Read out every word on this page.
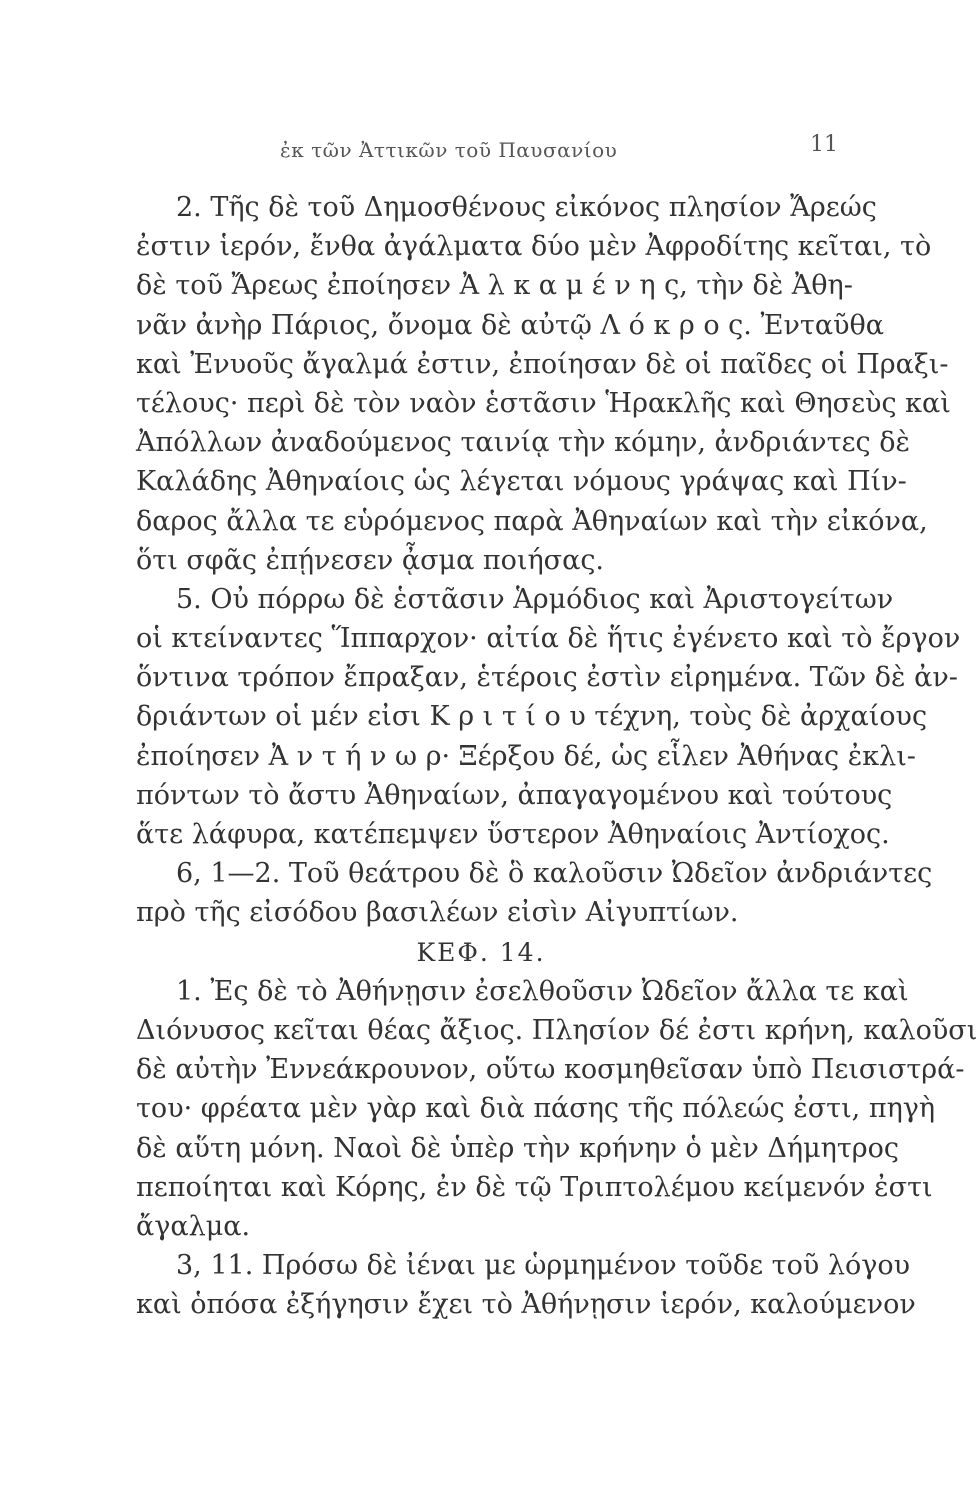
ἐκ τῶν Ἀττικῶν τοῦ Παυσανίου	11
2. Τῆς δὲ τοῦ Δημοσθένους εἰκόνος πλησίον Ἄρεώς
ἐστιν ἱερόν, ἔνθα ἀγάλματα δύο μὲν Ἀφροδίτης κεῖται, τὸ
δὲ τοῦ Ἄρεως ἐποίησεν Ἀ λ κ α μ έ ν η ς, τὴν δὲ Ἀθη-
νᾶν ἀνὴρ Πάριος, ὄνομα δὲ αὐτῷ Λ ό κ ρ ο ς. Ἐνταῦθα
καὶ Ἐνυοῦς ἄγαλμά ἐστιν, ἐποίησαν δὲ οἱ παῖδες οἱ Πραξι-
τέλους· περὶ δὲ τὸν ναὸν ἑστᾶσιν Ἡρακλῆς καὶ Θησεὺς καὶ
Ἀπόλλων ἀναδούμενος ταινίᾳ τὴν κόμην, ἀνδριάντες δὲ
Καλάδης Ἀθηναίοις ὡς λέγεται νόμους γράψας καὶ Πίν-
δαρος ἄλλα τε εὑρόμενος παρὰ Ἀθηναίων καὶ τὴν εἰκόνα,
ὅτι σφᾶς ἐπῄνεσεν ᾆσμα ποιήσας.
5. Οὐ πόρρω δὲ ἑστᾶσιν Ἁρμόδιος καὶ Ἀριστογείτων
οἱ κτείναντες Ἵππαρχον· αἰτία δὲ ἥτις ἐγένετο καὶ τὸ ἔργον
ὅντινα τρόπον ἔπραξαν, ἑτέροις ἐστὶν εἰρημένα. Τῶν δὲ ἀν-
δριάντων οἱ μέν εἰσι Κ ρ ι τ ί ο υ τέχνη, τοὺς δὲ ἀρχαίους
ἐποίησεν Ἀ ν τ ή ν ω ρ· Ξέρξου δέ, ὡς εἷλεν Ἀθήνας ἐκλι-
πόντων τὸ ἄστυ Ἀθηναίων, ἀπαγαγομένου καὶ τούτους
ἅτε λάφυρα, κατέπεμψεν ὕστερον Ἀθηναίοις Ἀντίοχος.
6, 1—2. Τοῦ θεάτρου δὲ ὃ καλοῦσιν Ὠδεῖον ἀνδριάντες
πρὸ τῆς εἰσόδου βασιλέων εἰσὶν Αἰγυπτίων.
ΚΕΦ. 14.
1. Ἐς δὲ τὸ Ἀθήνῃσιν ἐσελθοῦσιν Ὠδεῖον ἄλλα τε καὶ
Διόνυσος κεῖται θέας ἄξιος. Πλησίον δέ ἐστι κρήνη, καλοῦσι
δὲ αὐτὴν Ἐννεάκρουνον, οὕτω κοσμηθεῖσαν ὑπὸ Πεισιστρά-
του· φρέατα μὲν γὰρ καὶ διὰ πάσης τῆς πόλεώς ἐστι, πηγὴ
δὲ αὕτη μόνη. Ναοὶ δὲ ὑπὲρ τὴν κρήνην ὁ μὲν Δήμητρος
πεποίηται καὶ Κόρης, ἐν δὲ τῷ Τριπτολέμου κείμενόν ἐστι
ἄγαλμα.
3, 11. Πρόσω δὲ ἰέναι με ὡρμημένον τοῦδε τοῦ λόγου
καὶ ὁπόσα ἐξήγησιν ἔχει τὸ Ἀθήνῃσιν ἱερόν, καλούμενον
